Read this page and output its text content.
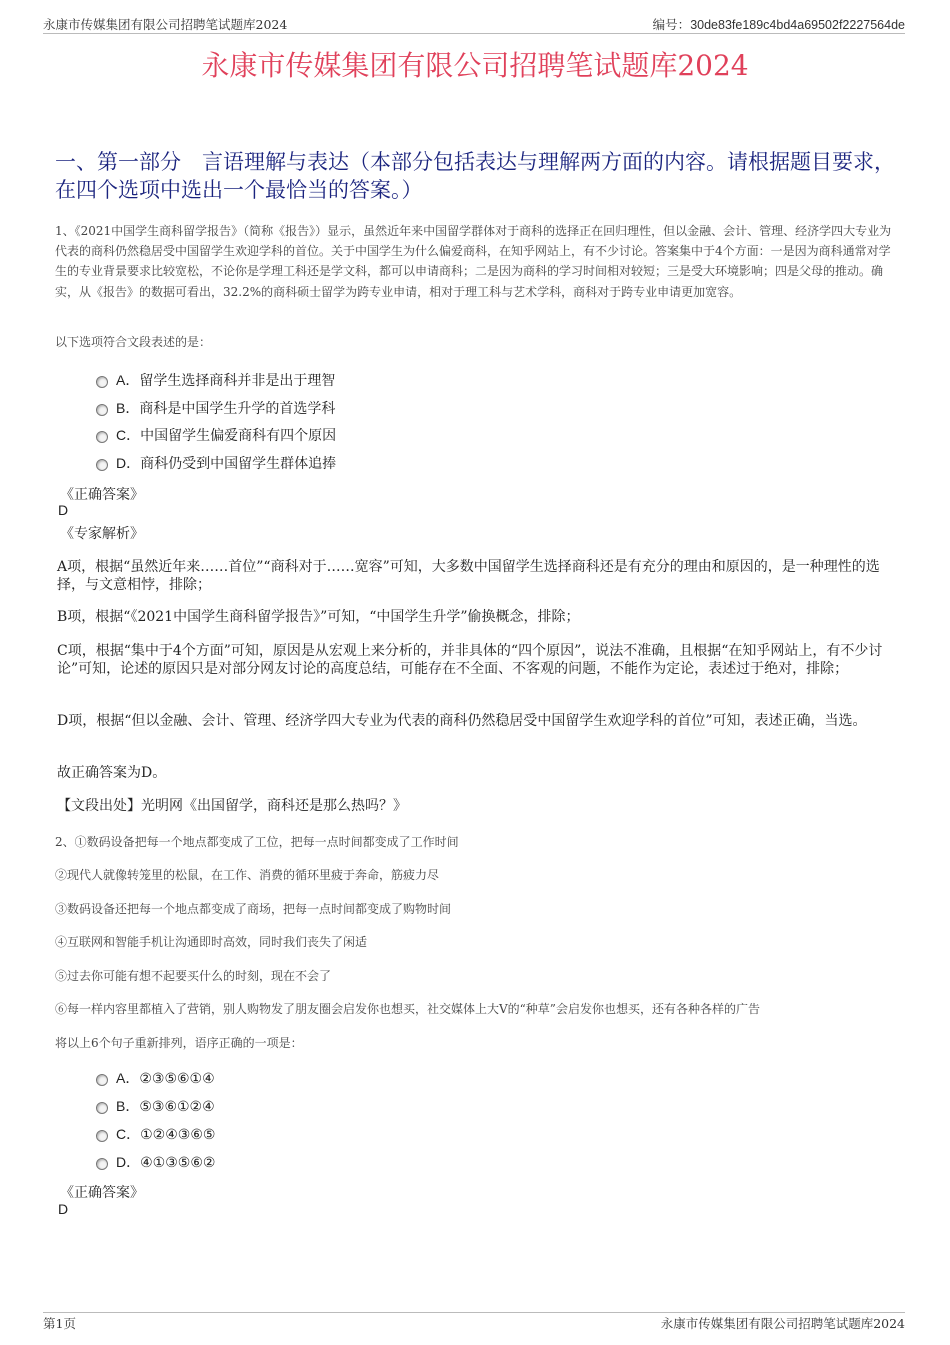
永康市传媒集团有限公司招聘笔试题库2024	编号：30de83fe189c4bd4a69502f2227564de
永康市传媒集团有限公司招聘笔试题库2024
一、第一部分　言语理解与表达（本部分包括表达与理解两方面的内容。请根据题目要求，在四个选项中选出一个最恰当的答案。）
1、《2021中国学生商科留学报告》（简称《报告》）显示，虽然近年来中国留学群体对于商科的选择正在回归理性，但以金融、会计、管理、经济学四大专业为代表的商科仍然稳居受中国留学生欢迎学科的首位。关于中国学生为什么偏爱商科，在知乎网站上，有不少讨论。答案集中于4个方面：一是因为商科通常对学生的专业背景要求比较宽松，不论你是学理工科还是学文科，都可以申请商科；二是因为商科的学习时间相对较短；三是受大环境影响；四是父母的推动。确实，从《报告》的数据可看出，32.2%的商科硕士留学为跨专业申请，相对于理工科与艺术学科，商科对于跨专业申请更加宽容。
以下选项符合文段表述的是：
A．留学生选择商科并非是出于理智
B．商科是中国学生升学的首选学科
C．中国留学生偏爱商科有四个原因
D．商科仍受到中国留学生群体追捧
《正确答案》
D
《专家解析》
A项，根据“虽然近年来……首位”“商科对于……宽容”可知，大多数中国留学生选择商科还是有充分的理由和原因的，是一种理性的选择，与文意相悖，排除；
B项，根据“《2021中国学生商科留学报告》”可知，“中国学生升学”偷换概念，排除；
C项，根据“集中于4个方面”可知，原因是从宏观上来分析的，并非具体的“四个原因”，说法不准确，且根据“在知乎网站上，有不少讨论”可知，论述的原因只是对部分网友讨论的高度总结，可能存在不全面、不客观的问题，不能作为定论，表述过于绝对，排除；
D项，根据“但以金融、会计、管理、经济学四大专业为代表的商科仍然稳居受中国留学生欢迎学科的首位”可知，表述正确，当选。
故正确答案为D。
【文段出处】光明网《出国留学，商科还是那么热吗？》
2、①数码设备把每一个地点都变成了工位，把每一点时间都变成了工作时间
②现代人就像转笼里的松鼠，在工作、消费的循环里疲于奔命，筋疲力尽
③数码设备还把每一个地点都变成了商场，把每一点时间都变成了购物时间
④互联网和智能手机让沟通即时高效，同时我们丧失了闲适
⑤过去你可能有想不起要买什么的时刻，现在不会了
⑥每一样内容里都植入了营销，别人购物发了朋友圈会启发你也想买，社交媒体上大V的“种草”会启发你也想买，还有各种各样的广告
将以上6个句子重新排列，语序正确的一项是：
A．②③⑤⑥①④
B．⑤③⑥①②④
C．①②④③⑥⑤
D．④①③⑤⑥②
《正确答案》
D
第1页	永康市传媒集团有限公司招聘笔试题库2024
